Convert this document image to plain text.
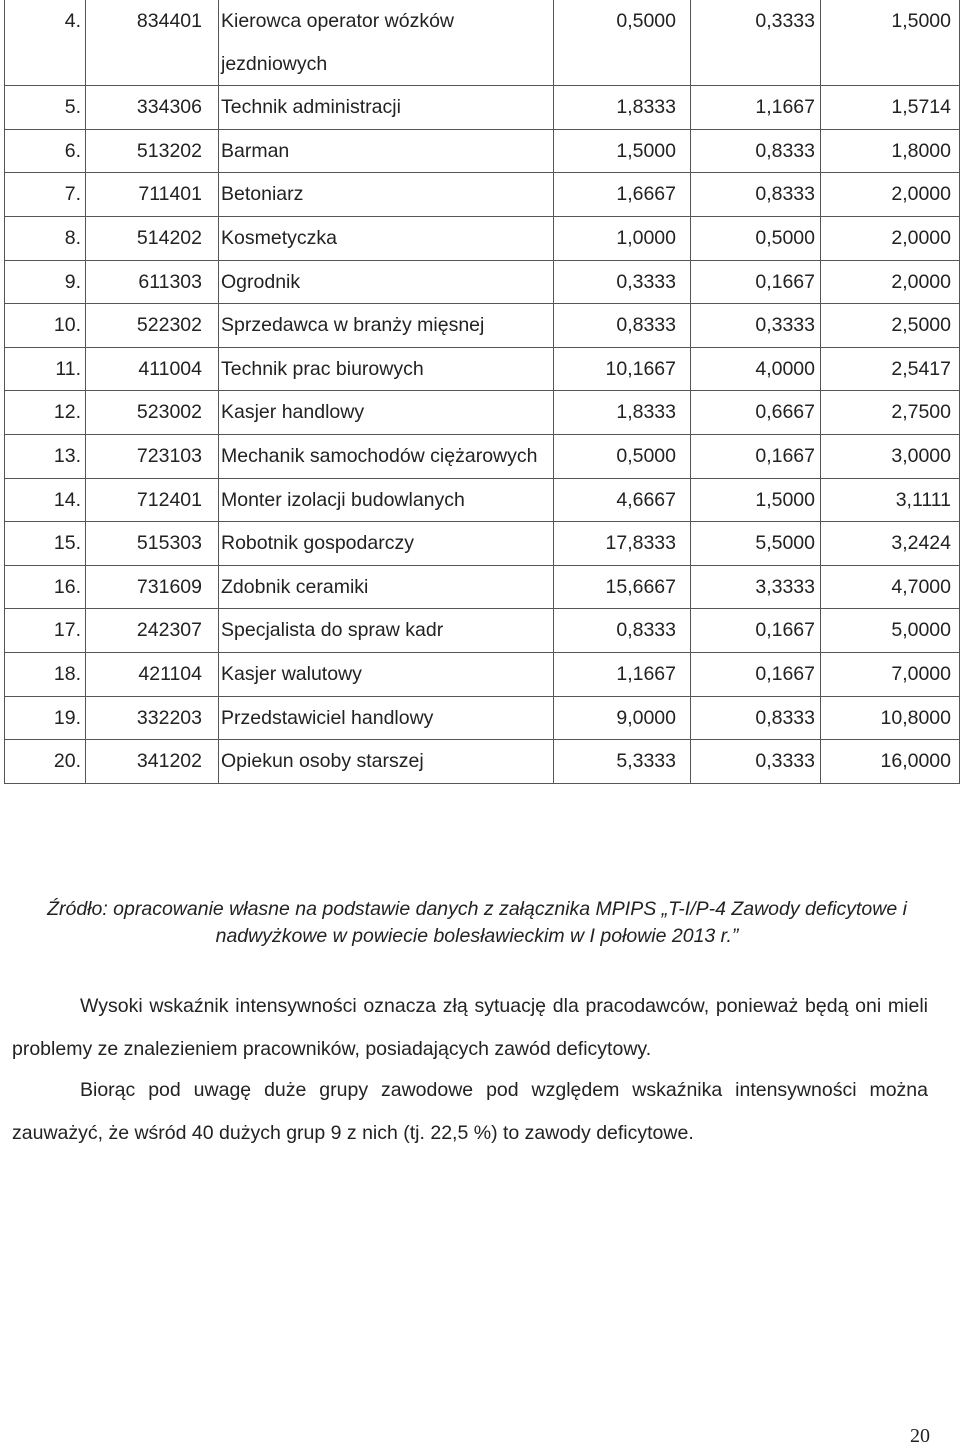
4.	834401	Kierowca operator wózków jezdniowych	0,5000	0,3333	1,5000
5.	334306	Technik administracji	1,8333	1,1667	1,5714
6.	513202	Barman	1,5000	0,8333	1,8000
7.	711401	Betoniarz	1,6667	0,8333	2,0000
8.	514202	Kosmetyczka	1,0000	0,5000	2,0000
9.	611303	Ogrodnik	0,3333	0,1667	2,0000
10.	522302	Sprzedawca w branży mięsnej	0,8333	0,3333	2,5000
11.	411004	Technik prac biurowych	10,1667	4,0000	2,5417
12.	523002	Kasjer handlowy	1,8333	0,6667	2,7500
13.	723103	Mechanik samochodów ciężarowych	0,5000	0,1667	3,0000
14.	712401	Monter izolacji budowlanych	4,6667	1,5000	3,1111
15.	515303	Robotnik gospodarczy	17,8333	5,5000	3,2424
16.	731609	Zdobnik ceramiki	15,6667	3,3333	4,7000
17.	242307	Specjalista do spraw kadr	0,8333	0,1667	5,0000
18.	421104	Kasjer walutowy	1,1667	0,1667	7,0000
19.	332203	Przedstawiciel handlowy	9,0000	0,8333	10,8000
20.	341202	Opiekun osoby starszej	5,3333	0,3333	16,0000
Źródło: opracowanie własne na podstawie danych z załącznika MPIPS „T-I/P-4 Zawody deficytowe i nadwyżkowe w powiecie bolesławieckim w I połowie 2013 r.”
Wysoki wskaźnik intensywności oznacza złą sytuację dla pracodawców, ponieważ będą oni mieli problemy ze znalezieniem pracowników, posiadających zawód deficytowy.
Biorąc pod uwagę duże grupy zawodowe pod względem wskaźnika intensywności można zauważyć, że wśród 40 dużych grup 9 z nich (tj. 22,5 %) to zawody deficytowe.
20
